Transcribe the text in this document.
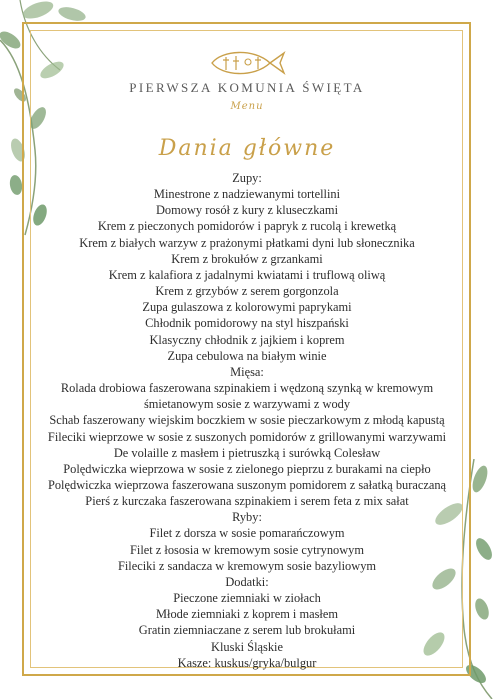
PIERWSZA KOMUNIA ŚWIĘTA
Menu
Dania główne
Zupy:
Minestrone z nadziewanymi tortellini
Domowy rosół z kury z kluseczkami
Krem z pieczonych pomidorów i papryk z rucolą i krewetką
Krem z białych warzyw z prażonymi płatkami dyni lub słonecznika
Krem z brokułów z grzankami
Krem z kalafiora z jadalnymi kwiatami i truflową oliwą
Krem z grzybów z serem gorgonzola
Zupa gulaszowa z kolorowymi paprykami
Chłodnik pomidorowy na styl hiszpański
Klasyczny chłodnik z jajkiem i koprem
Zupa cebulowa na białym winie
Mięsa:
Rolada drobiowa faszerowana szpinakiem i wędzoną szynką w kremowym
śmietanowym sosie z warzywami z wody
Schab faszerowany wiejskim boczkiem w sosie pieczarkowym z młodą kapustą
Fileciki wieprzowe w sosie z suszonych pomidorów z grillowanymi warzywami
De volaille z masłem i pietruszką i surówką Colesław
Polędwiczka wieprzowa w sosie z zielonego pieprzu z burakami na ciepło
Polędwiczka wieprzowa faszerowana suszonym pomidorem z sałatką buraczaną
Pierś z kurczaka faszerowana szpinakiem i serem feta z mix sałat
Ryby:
Filet z dorsza w sosie pomarańczowym
Filet z łososia w kremowym sosie cytrynowym
Fileciki z sandacza w kremowym sosie bazyliowym
Dodatki:
Pieczone ziemniaki w ziołach
Młode ziemniaki z koprem i masłem
Gratin ziemniaczane z serem lub brokułami
Kluski Śląskie
Kasze: kuskus/gryka/bulgur
